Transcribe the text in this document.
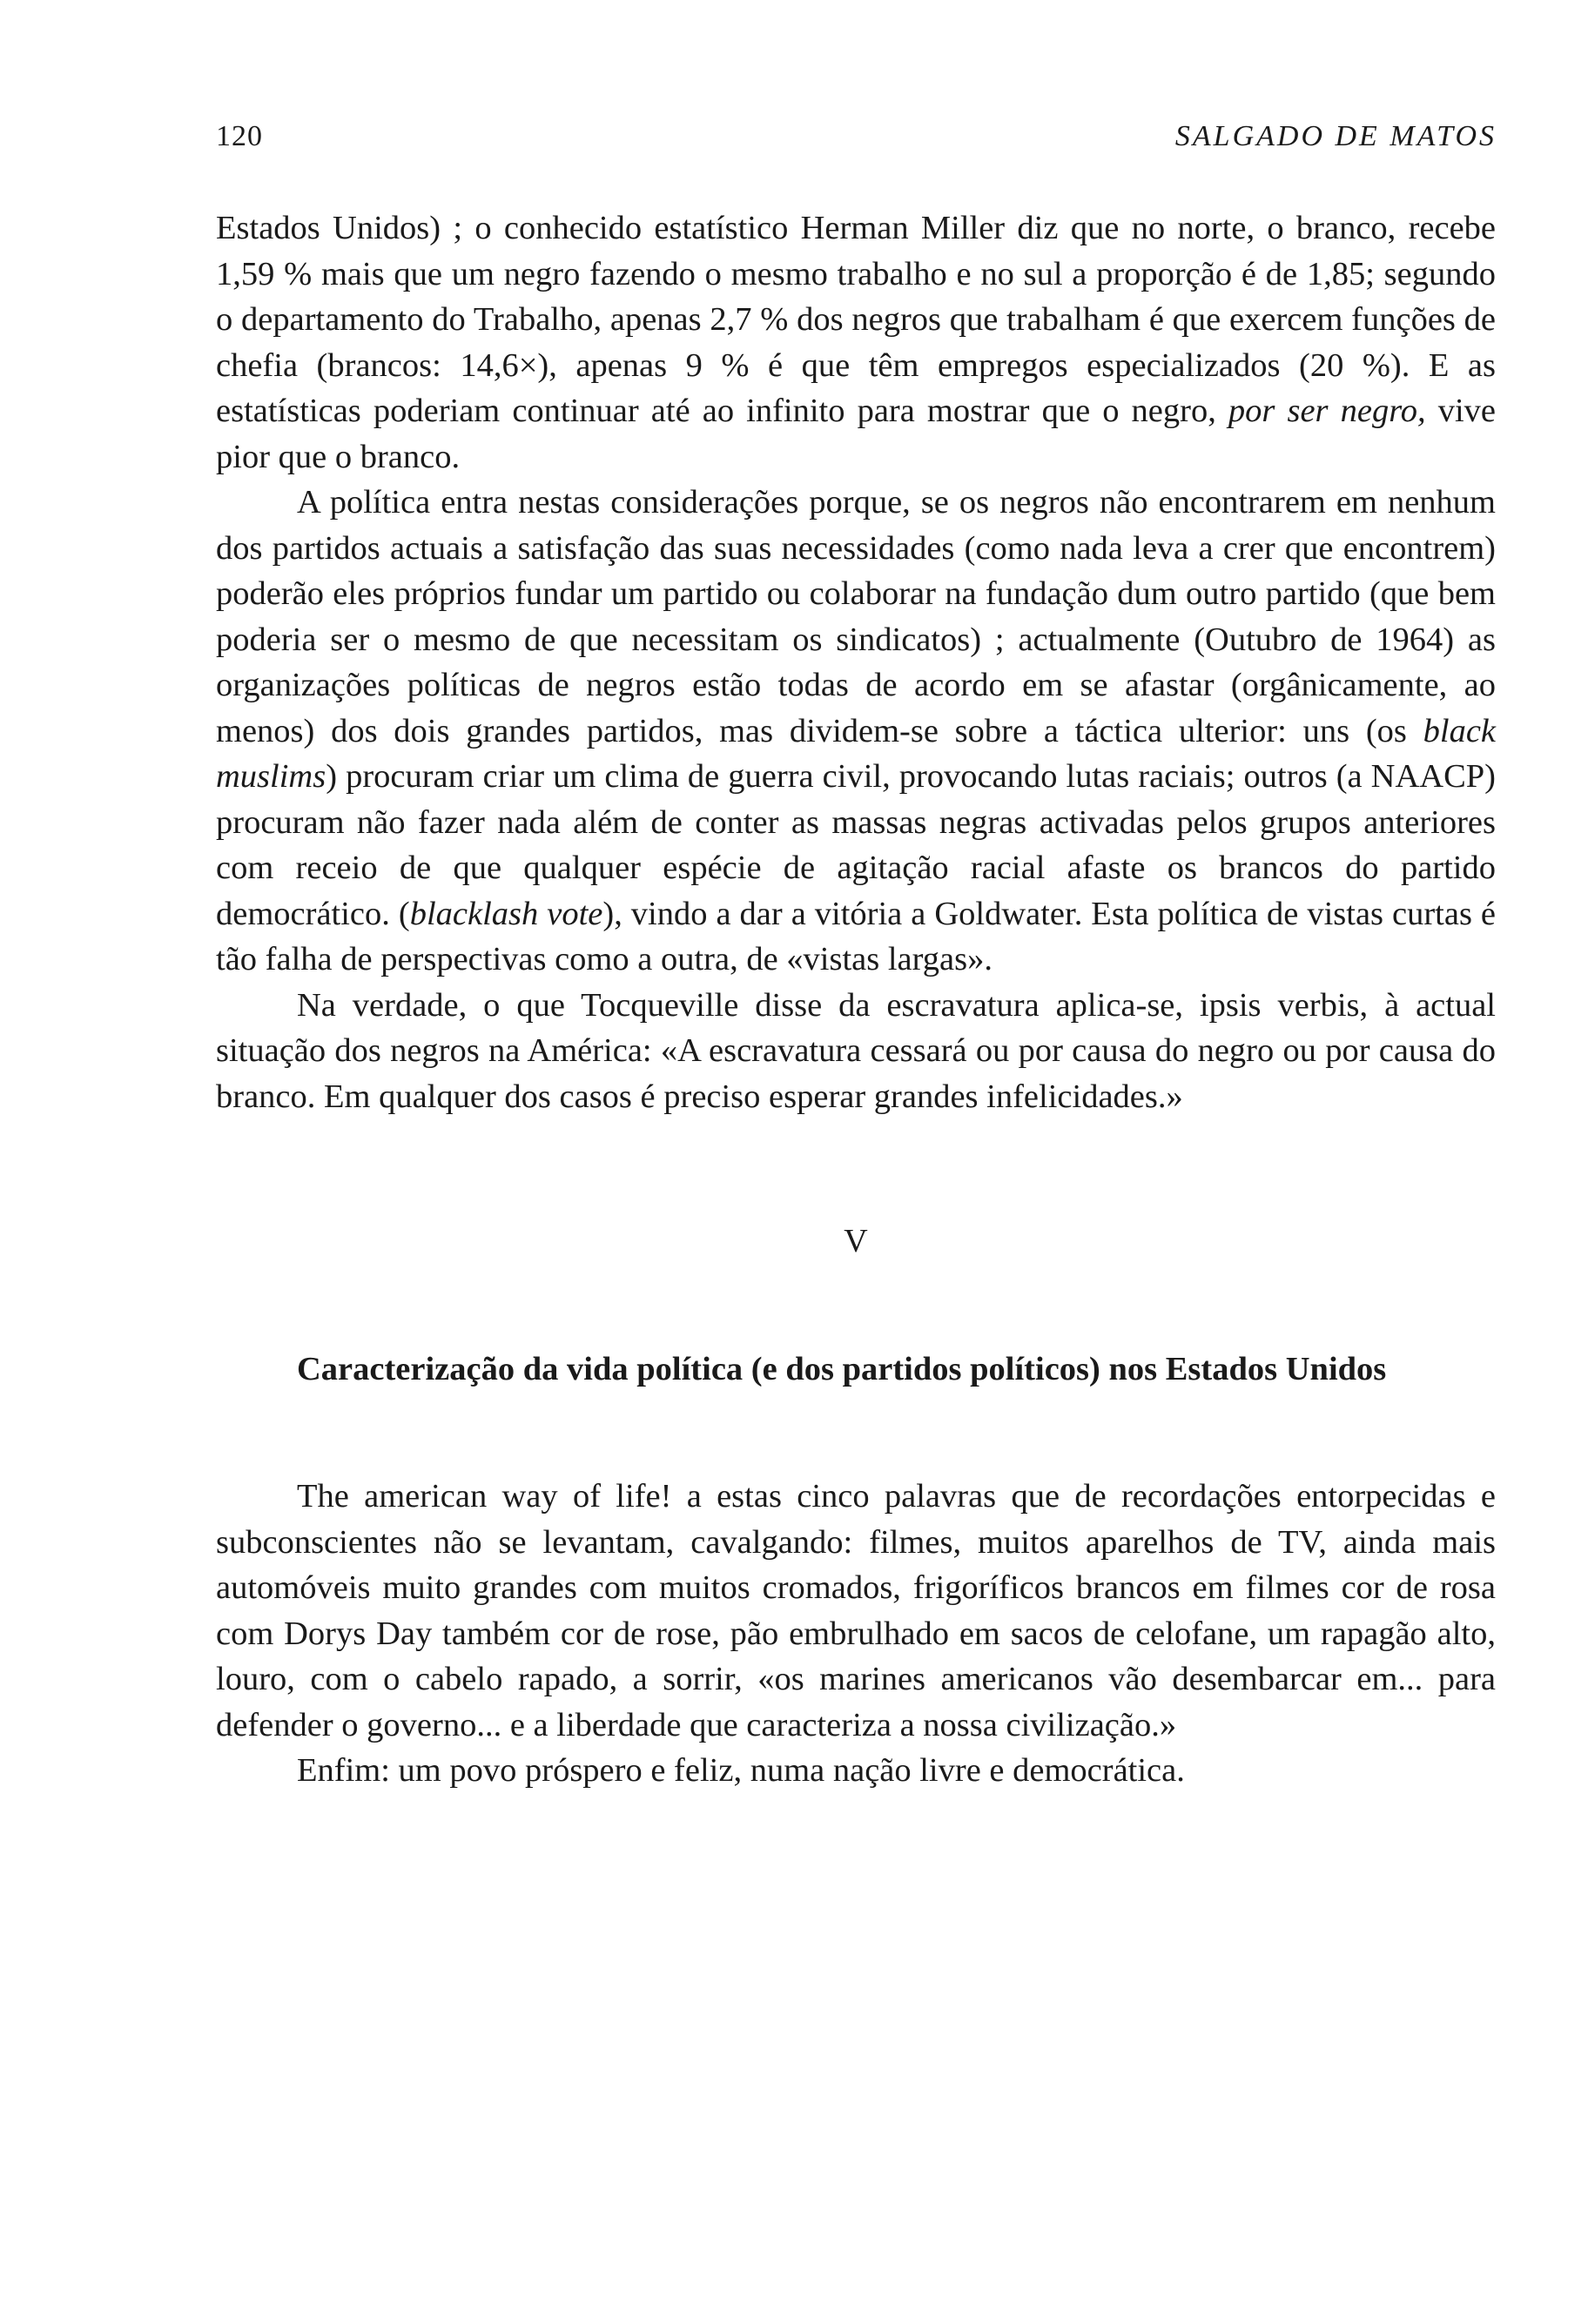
120	SALGADO DE MATOS

Estados Unidos) ; o conhecido estatístico Herman Miller diz que no norte, o branco, recebe 1,59 % mais que um negro fazendo o mesmo trabalho e no sul a proporção é de 1,85; segundo o departamento do Trabalho, apenas 2,7 % dos negros que trabalham é que exercem funções de chefia (brancos: 14,6×), apenas 9 % é que têm empregos especializados (20 %). E as estatísticas poderiam continuar até ao infinito para mostrar que o negro, por ser negro, vive pior que o branco.

A política entra nestas considerações porque, se os negros não encontrarem em nenhum dos partidos actuais a satisfação das suas necessidades (como nada leva a crer que encontrem) poderão eles próprios fundar um partido ou colaborar na fundação dum outro partido (que bem poderia ser o mesmo de que necessitam os sindicatos) ; actualmente (Outubro de 1964) as organizações políticas de negros estão todas de acordo em se afastar (orgânicamente, ao menos) dos dois grandes partidos, mas dividem-se sobre a táctica ulterior: uns (os black muslims) procuram criar um clima de guerra civil, provocando lutas raciais; outros (a NAACP) procuram não fazer nada além de conter as massas negras activadas pelos grupos anteriores com receio de que qualquer espécie de agitação racial afaste os brancos do partido democrático. (blacklash vote), vindo a dar a vitória a Goldwater. Esta política de vistas curtas é tão falha de perspectivas como a outra, de «vistas largas».

Na verdade, o que Tocqueville disse da escravatura aplica-se, ipsis verbis, à actual situação dos negros na América: «A escravatura cessará ou por causa do negro ou por causa do branco. Em qualquer dos casos é preciso esperar grandes infelicidades.»

V
Caracterização da vida política (e dos partidos políticos) nos Estados Unidos

The american way of life! a estas cinco palavras que de recordações entorpecidas e subconscientes não se levantam, cavalgando: filmes, muitos aparelhos de TV, ainda mais automóveis muito grandes com muitos cromados, frigoríficos brancos em filmes cor de rosa com Dorys Day também cor de rose, pão embrulhado em sacos de celofane, um rapagão alto, louro, com o cabelo rapado, a sorrir, «os marines americanos vão desembarcar em... para defender o governo... e a liberdade que caracteriza a nossa civilização.»

Enfim: um povo próspero e feliz, numa nação livre e democrática.
